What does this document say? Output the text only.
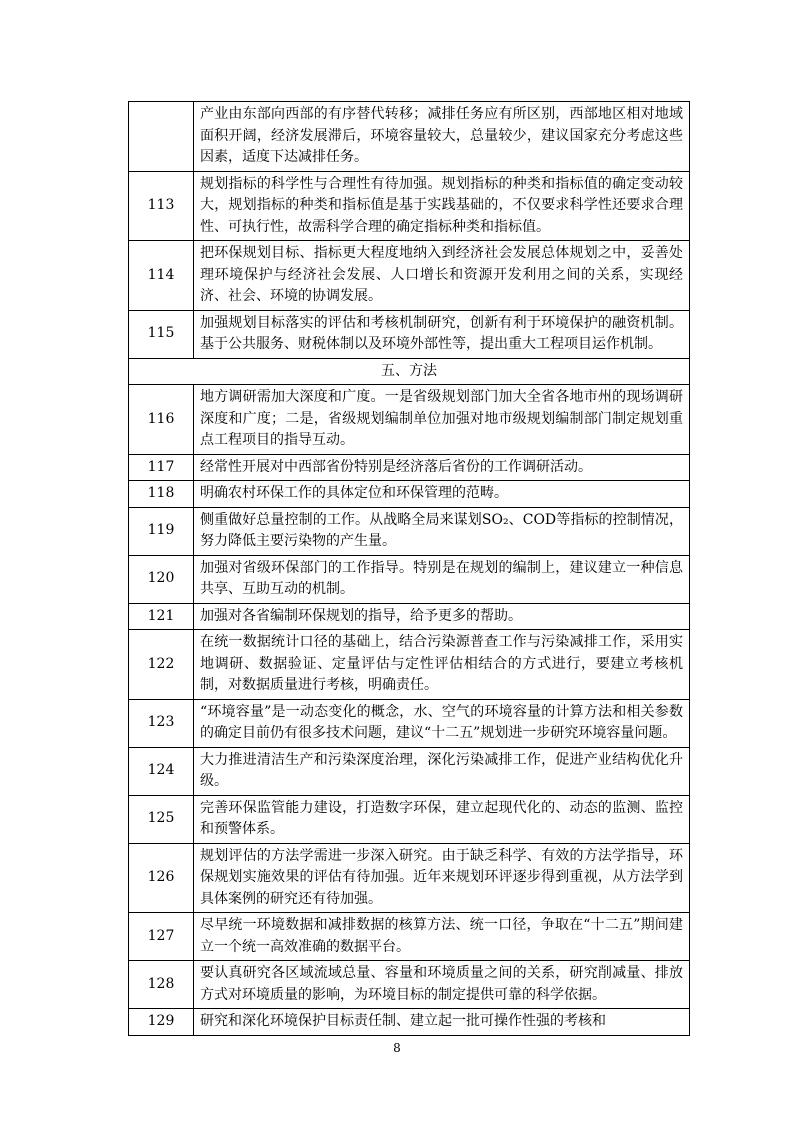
	产业由东部向西部的有序替代转移；减排任务应有所区别，西部地区相对地域面积开阔，经济发展滞后，环境容量较大，总量较少，建议国家充分考虑这些因素，适度下达减排任务。
113	规划指标的科学性与合理性有待加强。规划指标的种类和指标值的确定变动较大，规划指标的种类和指标值是基于实践基础的，不仅要求科学性还要求合理性、可执行性，故需科学合理的确定指标种类和指标值。
114	把环保规划目标、指标更大程度地纳入到经济社会发展总体规划之中，妥善处理环境保护与经济社会发展、人口增长和资源开发利用之间的关系，实现经济、社会、环境的协调发展。
115	加强规划目标落实的评估和考核机制研究，创新有利于环境保护的融资机制。基于公共服务、财税体制以及环境外部性等，提出重大工程项目运作机制。
五、方法	
116	地方调研需加大深度和广度。一是省级规划部门加大全省各地市州的现场调研深度和广度；二是，省级规划编制单位加强对地市级规划编制部门制定规划重点工程项目的指导互动。
117	经常性开展对中西部省份特别是经济落后省份的工作调研活动。
118	明确农村环保工作的具体定位和环保管理的范畴。
119	侧重做好总量控制的工作。从战略全局来谋划SO₂、COD等指标的控制情况，努力降低主要污染物的产生量。
120	加强对省级环保部门的工作指导。特别是在规划的编制上，建议建立一种信息共享、互助互动的机制。
121	加强对各省编制环保规划的指导，给予更多的帮助。
122	在统一数据统计口径的基础上，结合污染源普查工作与污染减排工作，采用实地调研、数据验证、定量评估与定性评估相结合的方式进行，要建立考核机制，对数据质量进行考核，明确责任。
123	“环境容量”是一动态变化的概念，水、空气的环境容量的计算方法和相关参数的确定目前仍有很多技术问题，建议“十二五”规划进一步研究环境容量问题。
124	大力推进清洁生产和污染深度治理，深化污染减排工作，促进产业结构优化升级。
125	完善环保监管能力建设，打造数字环保，建立起现代化的、动态的监测、监控和预警体系。
126	规划评估的方法学需进一步深入研究。由于缺乏科学、有效的方法学指导，环保规划实施效果的评估有待加强。近年来规划环评逐步得到重视，从方法学到具体案例的研究还有待加强。
127	尽早统一环境数据和减排数据的核算方法、统一口径，争取在“十二五”期间建立一个统一高效准确的数据平台。
128	要认真研究各区域流域总量、容量和环境质量之间的关系，研究削减量、排放方式对环境质量的影响，为环境目标的制定提供可靠的科学依据。
129	研究和深化环境保护目标责任制、建立起一批可操作性强的考核和
8
